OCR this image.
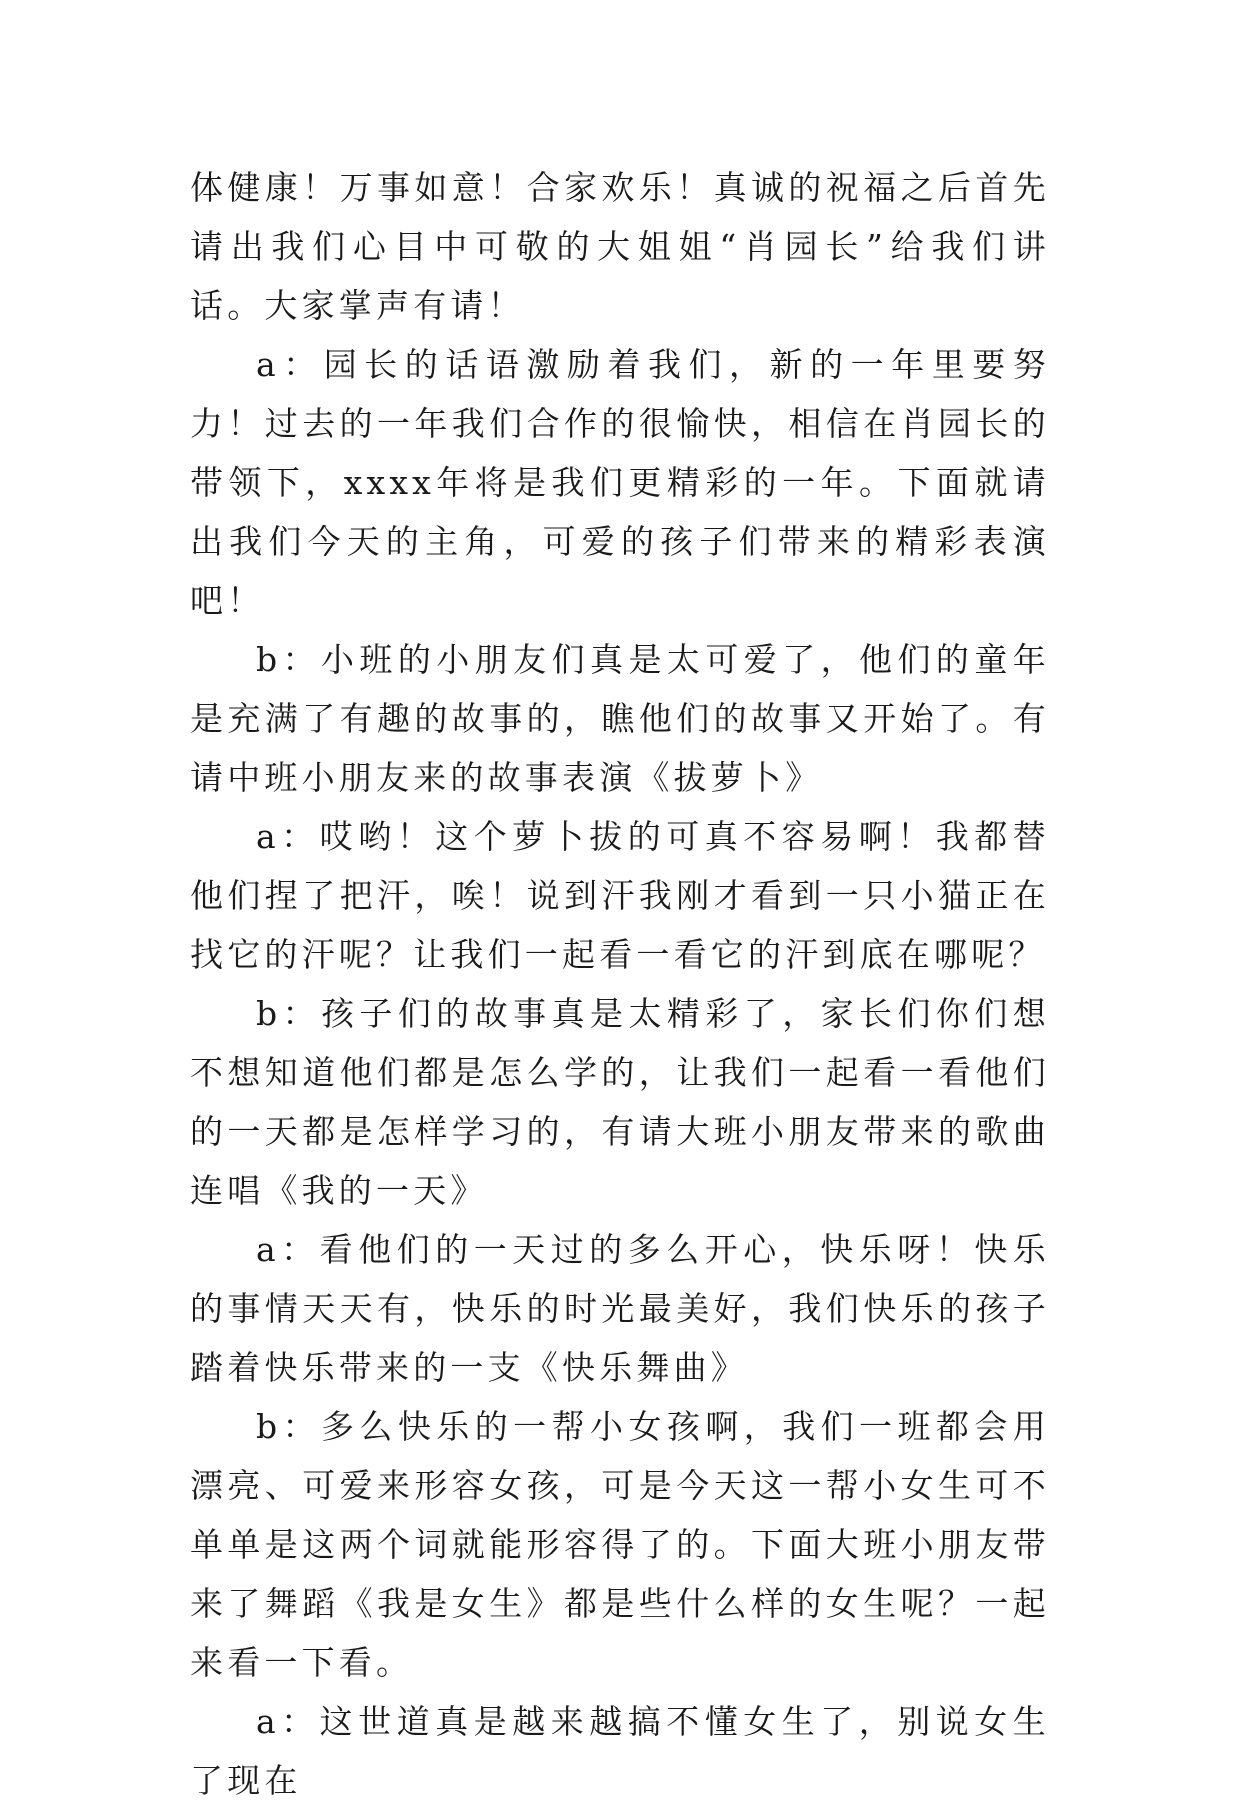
体健康！万事如意！合家欢乐！真诚的祝福之后首先请出我们心目中可敬的大姐姐“肖园长”给我们讲话。大家掌声有请！

a：园长的话语激励着我们，新的一年里要努力！过去的一年我们合作的很愉快，相信在肖园长的带领下，xxxx年将是我们更精彩的一年。下面就请出我们今天的主角，可爱的孩子们带来的精彩表演吧！

b：小班的小朋友们真是太可爱了，他们的童年是充满了有趣的故事的，瞧他们的故事又开始了。有请中班小朋友来的故事表演《拔萝卜》

a：哎哟！这个萝卜拔的可真不容易啊！我都替他们捏了把汗，唉！说到汗我刚才看到一只小猫正在找它的汗呢？让我们一起看一看它的汗到底在哪呢？

b：孩子们的故事真是太精彩了，家长们你们想不想知道他们都是怎么学的，让我们一起看一看他们的一天都是怎样学习的，有请大班小朋友带来的歌曲连唱《我的一天》

a：看他们的一天过的多么开心，快乐呀！快乐的事情天天有，快乐的时光最美好，我们快乐的孩子踏着快乐带来的一支《快乐舞曲》

b：多么快乐的一帮小女孩啊，我们一班都会用漂亮、可爱来形容女孩，可是今天这一帮小女生可不单单是这两个词就能形容得了的。下面大班小朋友带来了舞蹈《我是女生》都是些什么样的女生呢？一起来看一下看。

a：这世道真是越来越搞不懂女生了，别说女生了现在
